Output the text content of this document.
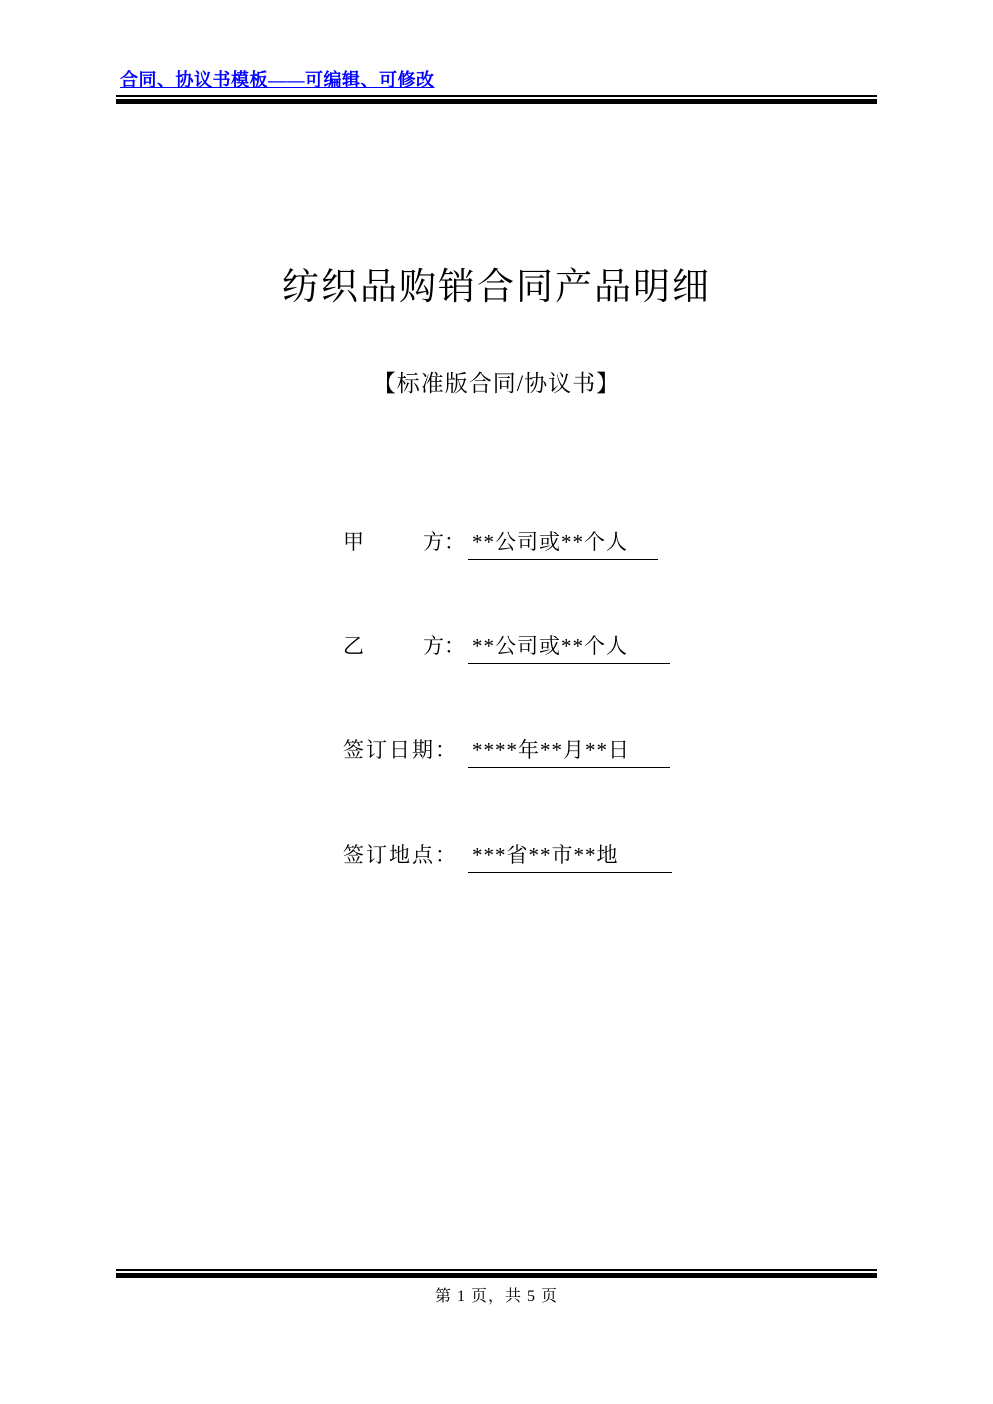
合同、协议书模板——可编辑、可修改
纺织品购销合同产品明细
【标准版合同/协议书】
甲	方： **公司或**个人
乙	方： **公司或**个人
签订日期： ****年**月**日
签订地点： ***省**市**地
第 1 页，共 5 页
